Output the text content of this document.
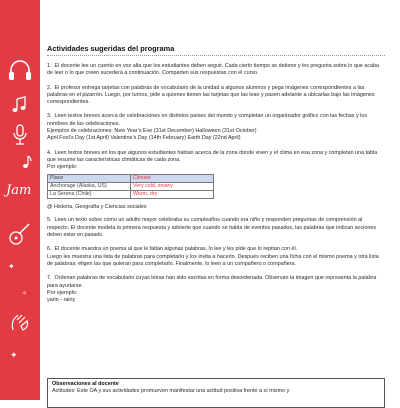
Jam
✦
✧
✦
Actividades sugeridas del programa

1. El docente lee un cuento en voz alta que los estudiantes deben seguir. Cada cierto tiempo se detiene y les pregunta sobre lo que acaba de leer o lo que creen sucederá a continuación. Comparten sus respuestas con el curso.

2. El profesor entrega tarjetas con palabras de vocabulario de la unidad a algunos alumnos y pega imágenes correspondientes a las palabras en el pizarrón. Luego, por turnos, pide a quienes tienen las tarjetas que las lean y pasen adelante a ubicarlas bajo las imágenes correspondientes.

3. Leen textos breves acerca de celebraciones en distintos países del mundo y completan un organizador gráfico con las fechas y los nombres de las celebraciones.

Ejemplos de celebraciones: New Year’s Eve (31st December) Halloween (31st October)

April Fool’s Day (1st April) Valentine’s Day (14th February) Earth Day (22nd April)

4. Leen textos breves en los que algunos estudiantes hablan acerca de la zona donde viven y el clima en esa zona y completan una tabla que resume las características climáticas de cada zona.

Por ejemplo:

Place	Climate
Anchorage (Alaska, US)	Very cold, snowy
La Serena (Chile)	Warm, dry
@ Historia, Geografía y Ciencias sociales

5. Leen un texto sobre cómo un adulto mayor celebraba su cumpleaños cuando era niño y responden preguntas de comprensión al respecto. El docente modela la primera respuesta y advierte que cuando se habla de eventos pasados, las palabras que indican acciones deben estar en pasado.

6. El docente muestra un poema al que le faltan algunas palabras, lo lee y les pide que lo repitan con él.

Luego les muestra una lista de palabras para completarlo y los invita a hacerlo. Después reciben una ficha con el mismo poema y otra lista de palabras; eligen las que quieran para completarlo. Finalmente, lo leen a un compañero o compañera.

7. Ordenan palabras de vocabulario cuyas letras han sido escritas en forma desordenada. Observan la imagen que representa la palabra para ayudarse.

Por ejemplo:

yarin - rainy

Observaciones al docente
Actitudes: Este OA y sus actividades promueven manifestar una actitud positiva frente a sí mismo y
